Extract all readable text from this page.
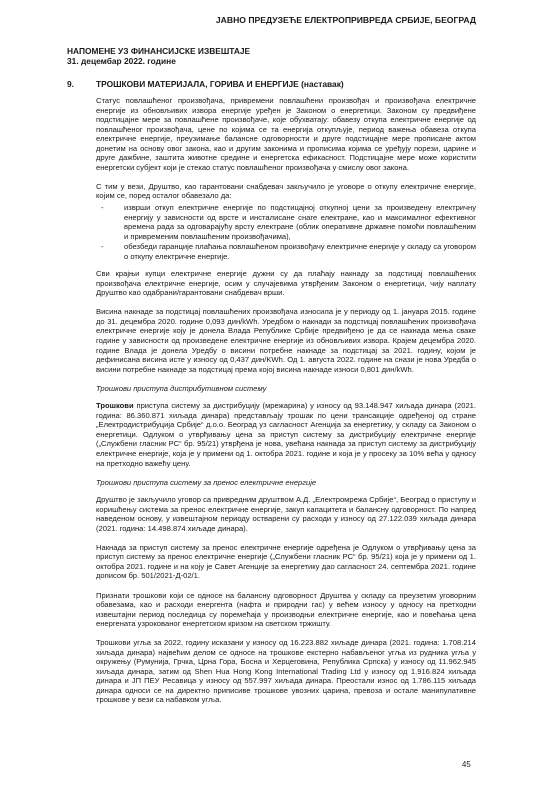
ЈАВНО ПРЕДУЗЕЋЕ ЕЛЕКТРОПРИВРЕДА СРБИЈЕ, БЕОГРАД
НАПОМЕНЕ УЗ ФИНАНСИЈСКЕ ИЗВЕШТАЈЕ
31. децембар 2022. године
9.	ТРОШКОВИ МАТЕРИЈАЛА, ГОРИВА И ЕНЕРГИЈЕ (наставак)

Статус повлашћеног произвођача, привремени повлашћени произвођач и произвођача електричне енергије из обновљивих извора енергије уређен је Законом о енергетици. Законом су предвиђене подстицајне мере за повлашћене произвођаче, које обухватају: обавезу откупа електричне енергије од повлашћеног произвођача, цене по којима се та енергија откупљује, период важења обавеза откупа електричне енергије, преузимање балансне одговорности и друге подстицајне мере прописане актом донетим на основу овог закона, као и другим законима и прописима којима се уређују порези, царине и друге дажбине, заштита животне средине и енергетска ефикасност. Подстицајне мере може користити енергетски субјект који је стекао статус повлашћеног произвођача у смислу овог закона.

С тим у вези, Друштво, као гарантовани снабдевач закључило је уговоре о откупу електричне енергије, којим се, поред осталог обавезало да:

-	изврши откуп електричне енергије по подстицајној откупној цени за произведену електричну енергију у зависности од врсте и инсталисане снаге електране, као и максималног ефективног времена рада за одговарајућу врсту електране (облик оперативне државне помоћи повлашћеним и привременим повлашћеним произвођачима),
-	обезбеди гаранције плаћања повлашћеном произвођачу електричне енергије у складу са уговором о откупу електричне енергије.

Сви крајњи купци електричне енергије дужни су да плаћају накнаду за подстицај повлашћених произвођача електричне енергије, осим у случајевима утврђеним Законом о енергетици, чију наплату Друштво као одабрани/гарантовани снабдевач врши.

Висина накнаде за подстицај повлашћених произвођача износила је у периоду од 1. јануара 2015. године до 31. децембра 2020. године 0,093 дин/kWh. Уредбом о накнади за подстицај повлашћених произвођача електричне енергије коју је донела Влада Републике Србије предвиђено је да се накнада мења сваке године у зависности од произведене електричне енергије из обновљивих извора. Крајем децембра 2020. године Влада је донела Уредбу о висини потребне накнаде за подстицај за 2021. годину, којом је дефинисана висина исте у износу од 0,437 дин/KWh. Од 1. августа 2022. године на снази је нова Уредба о висини потребне накнаде за подстицај према којој висина накнаде износи 0,801 дин/kWh.

Трошкови приступа дистрибутивном систему

Трошкови приступа систему за дистрибуцију (мрежарина) у износу од 93.148.947 хиљада динара (2021. година: 86.360.871 хиљада динара) представљају трошак по цени трансакције одређеној од стране „Електродистрибуција Србије“ д.о.о. Београд уз сагласност Агенција за енергетику, у складу са Законом о енергетици. Одлуком о утврђивању цена за приступ систему за дистрибуцију електричне енергије („Службени гласник РС“ бр. 95/21) утврђена је нова, увећана накнада за приступ систему за дистрибуцију електричне енергије, која је у примени од 1. октобра 2021. године и која је у просеку за 10% већа у односу на претходно важећу цену.

Трошкови приступа систему за пренос електричне енергије

Друштво је закључило уговор са привредним друштвом А.Д. „Електромрежа Србије“, Београд о приступу и коришћењу система за пренос електричне енергије, закуп капацитета и балансну одговорност. По напред наведеном основу, у извештајном периоду остварени су расходи у износу од 27.122.039 хиљада динара (2021. година: 14.498.874 хиљаде динара).

Накнада за приступ систему за пренос електричне енергије одређена је Одлуком о утврђивању цена за приступ систему за пренос електричне енергије („Службени гласник РС“ бр. 95/21) која је у примени од 1. октобра 2021. године и на коју је Савет Агенције за енергетику дао сагласност 24. септембра 2021. године дописом бр. 501/2021-Д-02/1.

Признати трошкови који се односе на балансну одговорност Друштва у складу са преузетим уговорним обавезама, као и расходи енергента (нафта и природни гас) у већем износу у односу на претходни извештајни период последица су поремећаја у производњи електричне енергије, као и повећања цена енергената узрокованог енергетском кризом на светском тржишту.

Трошкови угља за 2022. годину исказани у износу од 16.223.882 хиљаде динара (2021. година: 1.708.214 хиљада динара) највећим делом се односе на трошкове екстерно набављеног угља из рудника угља у окружењу (Румунија, Грчка, Црна Гора, Босна и Херцеговина, Република Српска) у износу од 11.962.945 хиљада динара, затим од Shen Hua Hong Kong International Trading Ltd у износу од 1.916.824 хиљада динара и ЈП ПЕУ Ресавица у износу од 557.997 хиљада динара. Преостали износ од 1.786.115 хиљада динара односи се на директно приписиве трошкове увозних царина, превоза и остале манипулативне трошкове у вези са набавком угља.

45
